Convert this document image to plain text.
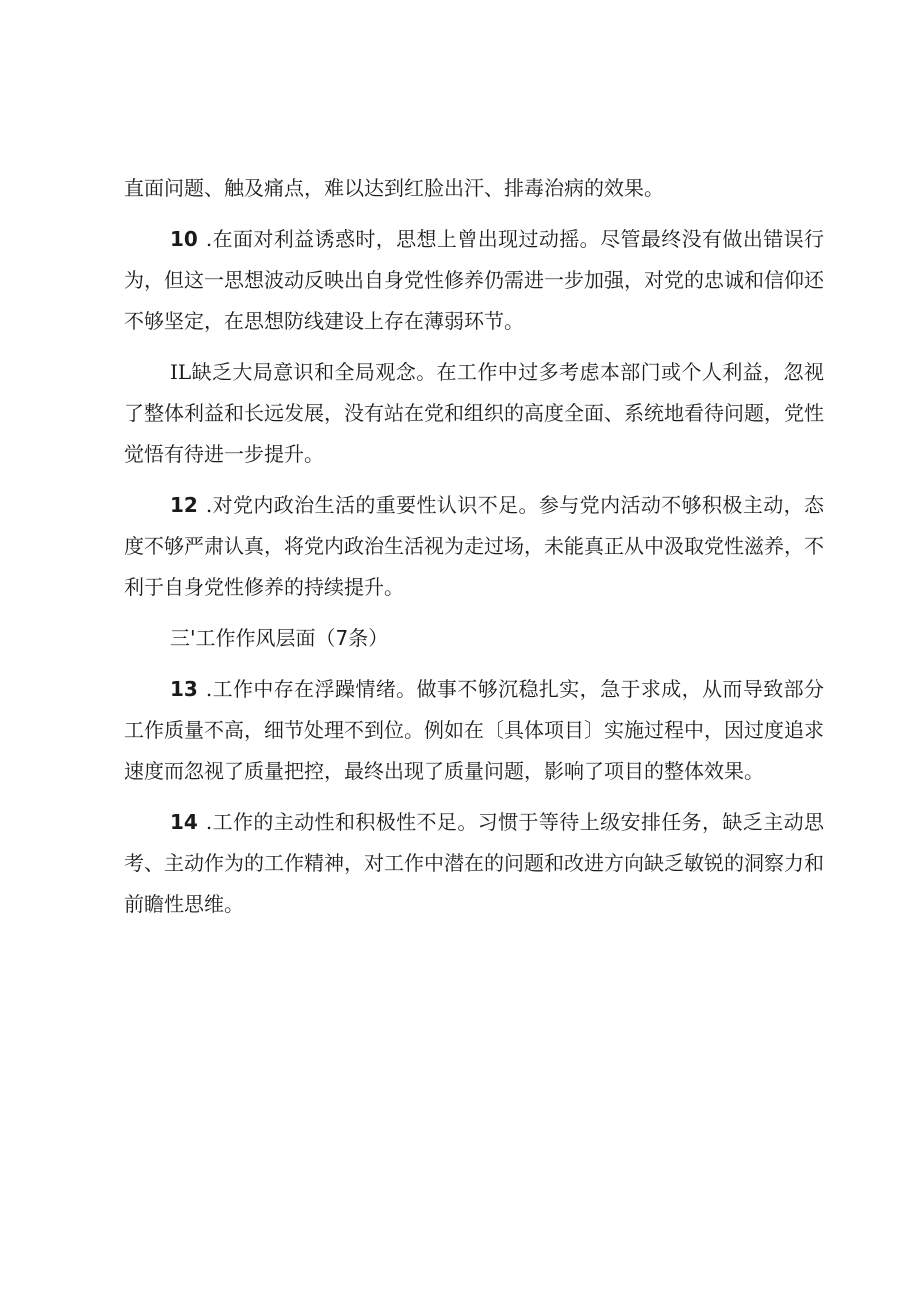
直面问题、触及痛点，难以达到红脸出汗、排毒治病的效果。

10 .在面对利益诱惑时，思想上曾出现过动摇。尽管最终没有做出错误行为，但这一思想波动反映出自身党性修养仍需进一步加强，对党的忠诚和信仰还不够坚定，在思想防线建设上存在薄弱环节。

IL缺乏大局意识和全局观念。在工作中过多考虑本部门或个人利益，忽视了整体利益和长远发展，没有站在党和组织的高度全面、系统地看待问题，党性觉悟有待进一步提升。

12 .对党内政治生活的重要性认识不足。参与党内活动不够积极主动，态度不够严肃认真，将党内政治生活视为走过场，未能真正从中汲取党性滋养，不利于自身党性修养的持续提升。

三'工作作风层面（7条）

13 .工作中存在浮躁情绪。做事不够沉稳扎实，急于求成，从而导致部分工作质量不高，细节处理不到位。例如在〔具体项目〕实施过程中，因过度追求速度而忽视了质量把控，最终出现了质量问题，影响了项目的整体效果。

14 .工作的主动性和积极性不足。习惯于等待上级安排任务，缺乏主动思考、主动作为的工作精神，对工作中潜在的问题和改进方向缺乏敏锐的洞察力和前瞻性思维。
